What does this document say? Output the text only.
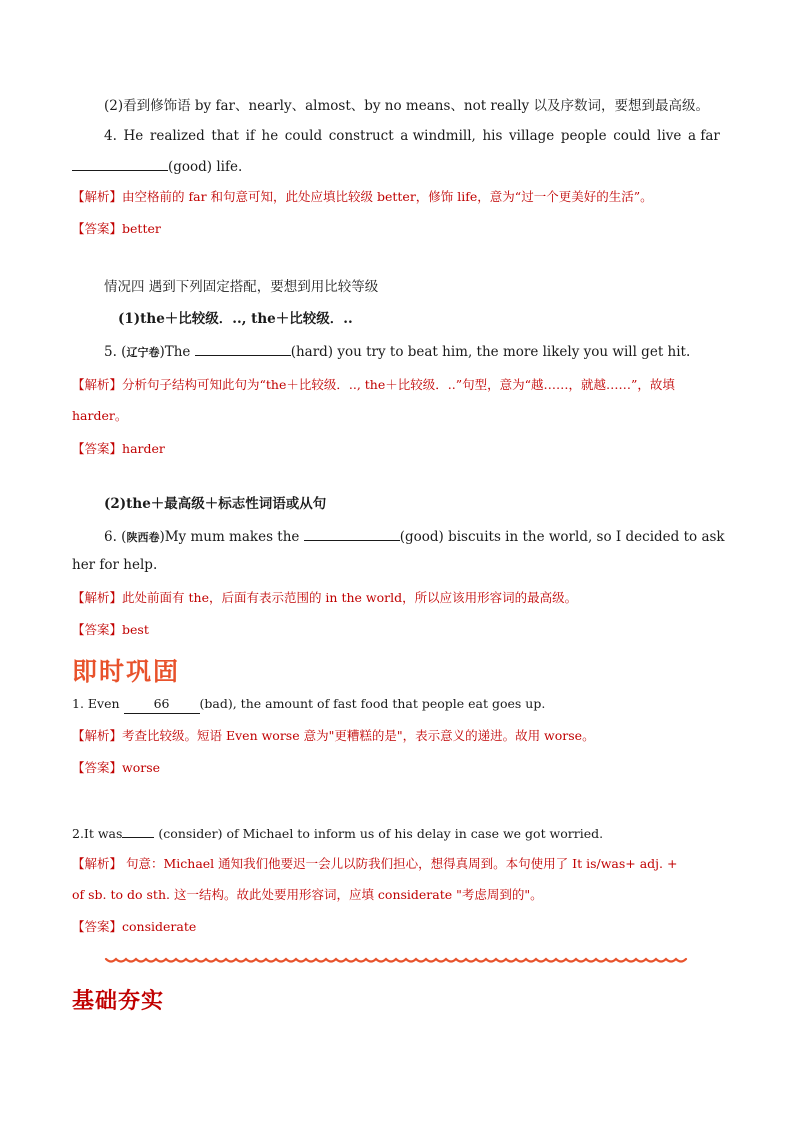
(2)看到修饰语 by far、nearly、almost、by no means、not really 以及序数词，要想到最高级。
4. He realized that if he could construct a windmill, his village people could live a far
(good) life.
【解析】由空格前的 far 和句意可知，此处应填比较级 better，修饰 life，意为“过一个更美好的生活”。
【答案】better
情况四 遇到下列固定搭配，要想到用比较等级
(1)the＋比较级．.., the＋比较级．..
5. (辽宁卷)The	(hard) you try to beat him, the more likely you will get hit.
【解析】分析句子结构可知此句为“the＋比较级．.., the＋比较级．..”句型，意为“越……，就越……”，故填
harder。
【答案】harder
(2)the＋最高级＋标志性词语或从句
6. (陕西卷)My mum makes the	(good) biscuits in the world, so I decided to ask
her for help.
【解析】此处前面有 the，后面有表示范围的 in the world，所以应该用形容词的最高级。
【答案】best
即时巩固
1. Even 66 (bad), the amount of fast food that people eat goes up.
【解析】考查比较级。短语 Even worse 意为"更糟糕的是"，表示意义的递进。故用 worse。
【答案】worse
2.It was	(consider) of Michael to inform us of his delay in case we got worried.
【解析】 句意：Michael 通知我们他要迟一会儿以防我们担心，想得真周到。本句使用了 It is/was+ adj. +
of sb. to do sth. 这一结构。故此处要用形容词，应填 considerate "考虑周到的"。
【答案】considerate
基础夯实
